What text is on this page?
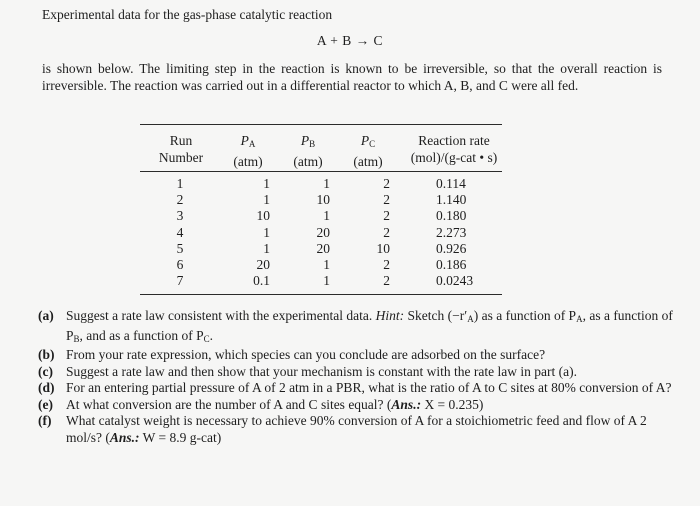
Experimental data for the gas-phase catalytic reaction
A + B → C
is shown below. The limiting step in the reaction is known to be irreversible, so that the overall reaction is irreversible. The reaction was carried out in a differential reactor to which A, B, and C were all fed.
Run
Number
$P_A$
(atm)
$P_B$
(atm)
$P_C$
(atm)
Reaction rate
(mol)/(g-cat • s)
1
2
3
4
5
6
7
1
1
10
1
1
20
0.1
1
10
1
20
20
1
1
2
2
2
2
10
2
2
0.114
1.140
0.180
2.273
0.926
0.186
0.0243
(a) Suggest a rate law consistent with the experimental data. Hint: Sketch $(-r'_A)$ as a function of $P_A$, as a function of $P_B$, and as a function of $P_C$.
(b) From your rate expression, which species can you conclude are adsorbed on the surface?
(c) Suggest a rate law and then show that your mechanism is constant with the rate law in part (a).
(d) For an entering partial pressure of A of 2 atm in a PBR, what is the ratio of A to C sites at 80% conversion of A?
(e) At what conversion are the number of A and C sites equal? (Ans.: X = 0.235)
(f) What catalyst weight is necessary to achieve 90% conversion of A for a stoichiometric feed and flow of A 2 mol/s? (Ans.: W = 8.9 g-cat)
